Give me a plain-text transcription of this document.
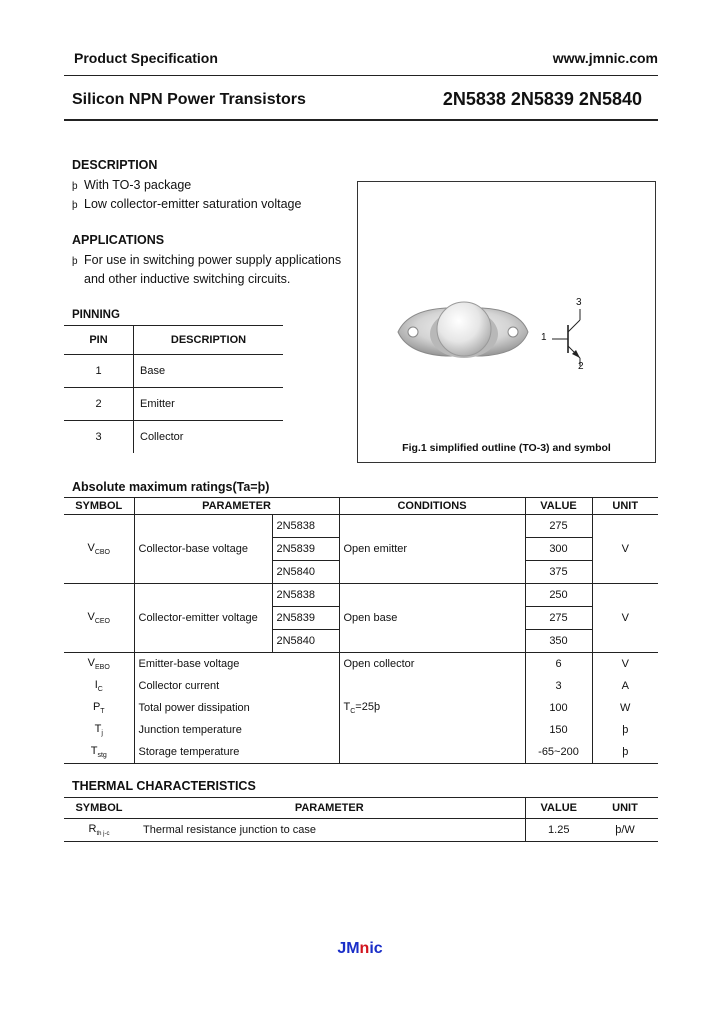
Product Specification	www.jmnic.com
Silicon NPN Power Transistors	2N5838 2N5839 2N5840
DESCRIPTION
þ With TO-3 package
þ Low collector-emitter saturation voltage
APPLICATIONS
þ For use in switching power supply applications
and other inductive switching circuits.
PINNING
PIN	DESCRIPTION
1	Base
2	Emitter
3	Collector
3
1
2
Fig.1 simplified outline (TO-3) and symbol
Absolute maximum ratings(Ta=þ)
SYMBOL	PARAMETER		CONDITIONS	VALUE	UNIT
$V_{CBO}$	Collector-base voltage	2N5838	Open emitter	275	V
		2N5839		300	
		2N5840		375	
$V_{CEO}$	Collector-emitter voltage	2N5838	Open base	250	V
		2N5839		275	
		2N5840		350	
$V_{EBO}$	Emitter-base voltage		Open collector	6	V
$I_C$	Collector current			3	A
$P_T$	Total power dissipation		$T_C=25þ$	100	W
$T_j$	Junction temperature			150	þ
$T_{stg}$	Storage temperature			-65~200	þ
THERMAL CHARACTERISTICS
SYMBOL	PARAMETER	VALUE	UNIT
$R_{th j-c}$	Thermal resistance junction to case	1.25	þ/W
JMnic
